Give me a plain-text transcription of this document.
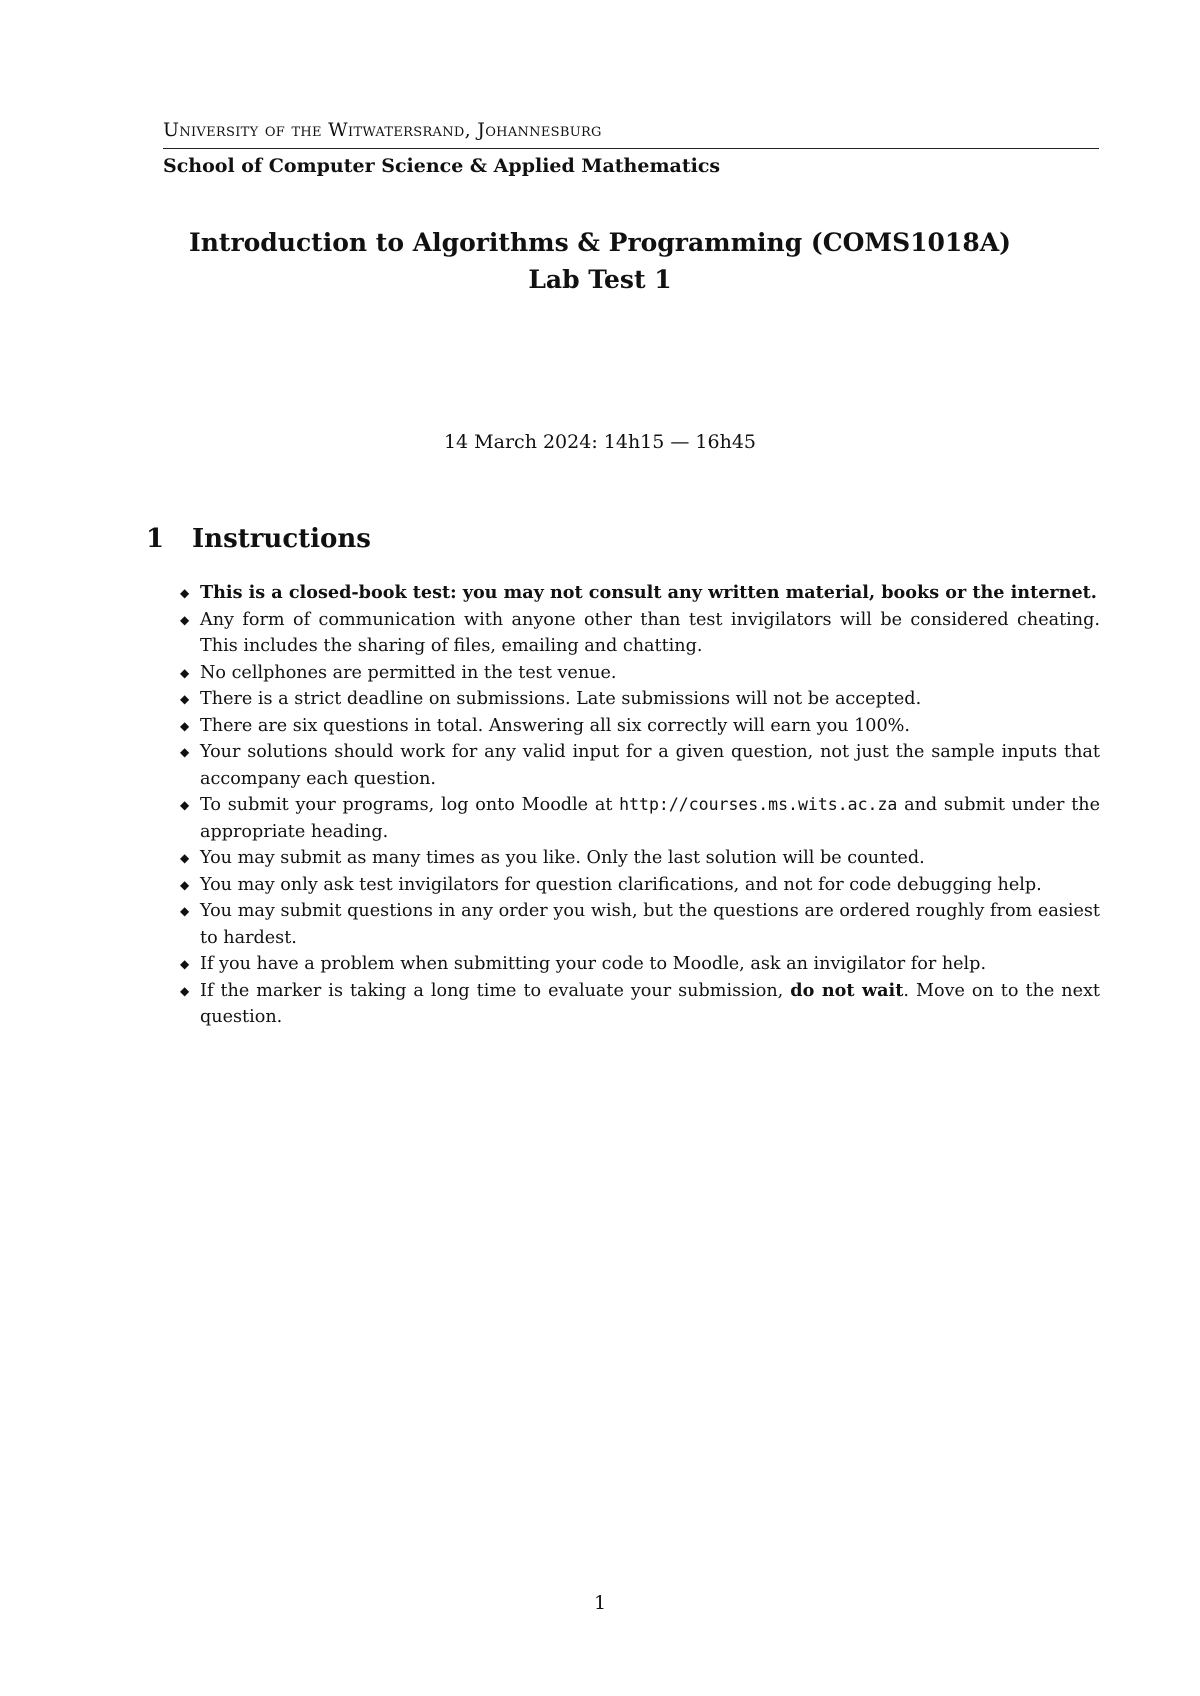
University of the Witwatersrand, Johannesburg
School of Computer Science & Applied Mathematics
Introduction to Algorithms & Programming (COMS1018A)
Lab Test 1
14 March 2024: 14h15 — 16h45
1 Instructions
◆ This is a closed-book test: you may not consult any written material, books or the internet.
◆ Any form of communication with anyone other than test invigilators will be considered cheating. This includes the sharing of files, emailing and chatting.
◆ No cellphones are permitted in the test venue.
◆ There is a strict deadline on submissions. Late submissions will not be accepted.
◆ There are six questions in total. Answering all six correctly will earn you 100%.
◆ Your solutions should work for any valid input for a given question, not just the sample inputs that accompany each question.
◆ To submit your programs, log onto Moodle at http://courses.ms.wits.ac.za and submit under the appropriate heading.
◆ You may submit as many times as you like. Only the last solution will be counted.
◆ You may only ask test invigilators for question clarifications, and not for code debugging help.
◆ You may submit questions in any order you wish, but the questions are ordered roughly from easiest to hardest.
◆ If you have a problem when submitting your code to Moodle, ask an invigilator for help.
◆ If the marker is taking a long time to evaluate your submission, do not wait. Move on to the next question.
1
